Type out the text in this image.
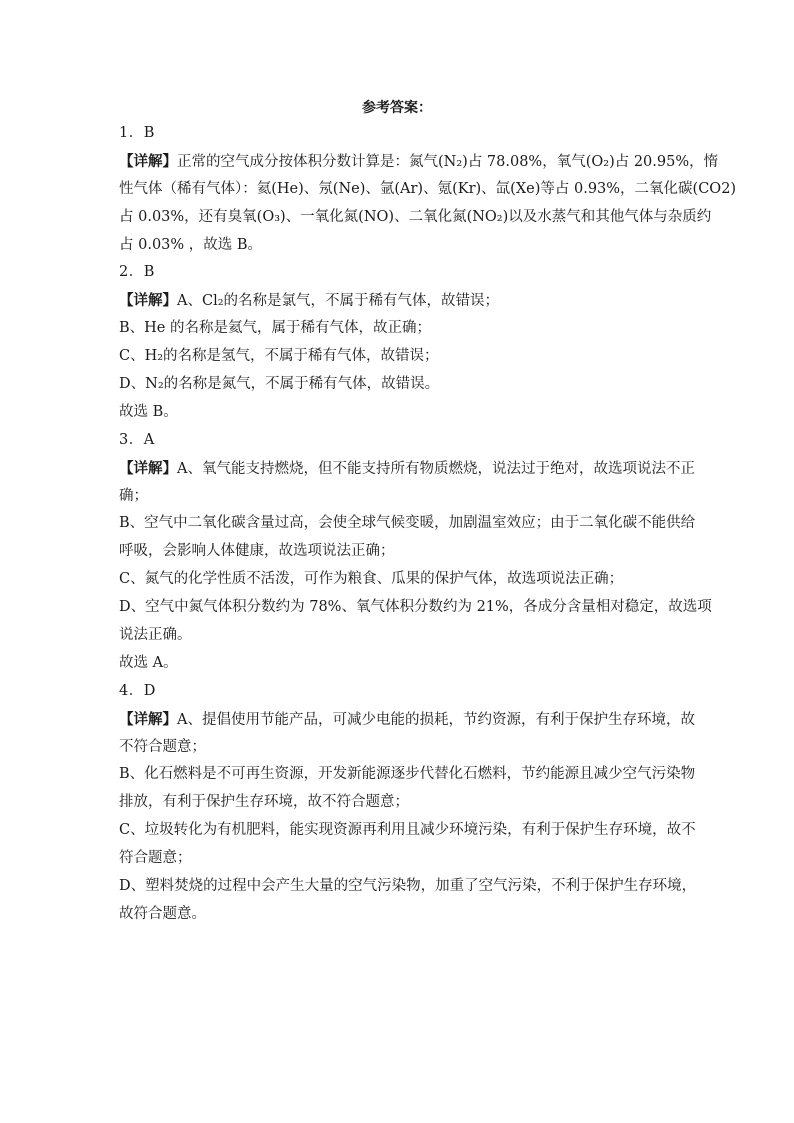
参考答案：
1．B
【详解】正常的空气成分按体积分数计算是：氮气(N₂)占 78.08%，氧气(O₂)占 20.95%，惰
性气体（稀有气体）：氦(He)、氖(Ne)、氩(Ar)、氪(Kr)、氙(Xe)等占 0.93%，二氧化碳(CO2)
占 0.03%，还有臭氧(O₃)、一氧化氮(NO)、二氧化氮(NO₂)以及水蒸气和其他气体与杂质约
占 0.03% ，故选 B。
2．B
【详解】A、Cl₂的名称是氯气，不属于稀有气体，故错误；
B、He 的名称是氦气，属于稀有气体，故正确；
C、H₂的名称是氢气，不属于稀有气体，故错误；
D、N₂的名称是氮气，不属于稀有气体，故错误。
故选 B。
3．A
【详解】A、氧气能支持燃烧，但不能支持所有物质燃烧，说法过于绝对，故选项说法不正
确；
B、空气中二氧化碳含量过高，会使全球气候变暖，加剧温室效应；由于二氧化碳不能供给
呼吸，会影响人体健康，故选项说法正确；
C、氮气的化学性质不活泼，可作为粮食、瓜果的保护气体，故选项说法正确；
D、空气中氮气体积分数约为 78%、氧气体积分数约为 21%，各成分含量相对稳定，故选项
说法正确。
故选 A。
4．D
【详解】A、提倡使用节能产品，可减少电能的损耗，节约资源，有利于保护生存环境，故
不符合题意；
B、化石燃料是不可再生资源，开发新能源逐步代替化石燃料，节约能源且减少空气污染物
排放，有利于保护生存环境，故不符合题意；
C、垃圾转化为有机肥料，能实现资源再利用且减少环境污染，有利于保护生存环境，故不
符合题意；
D、塑料焚烧的过程中会产生大量的空气污染物，加重了空气污染，不利于保护生存环境，
故符合题意。
